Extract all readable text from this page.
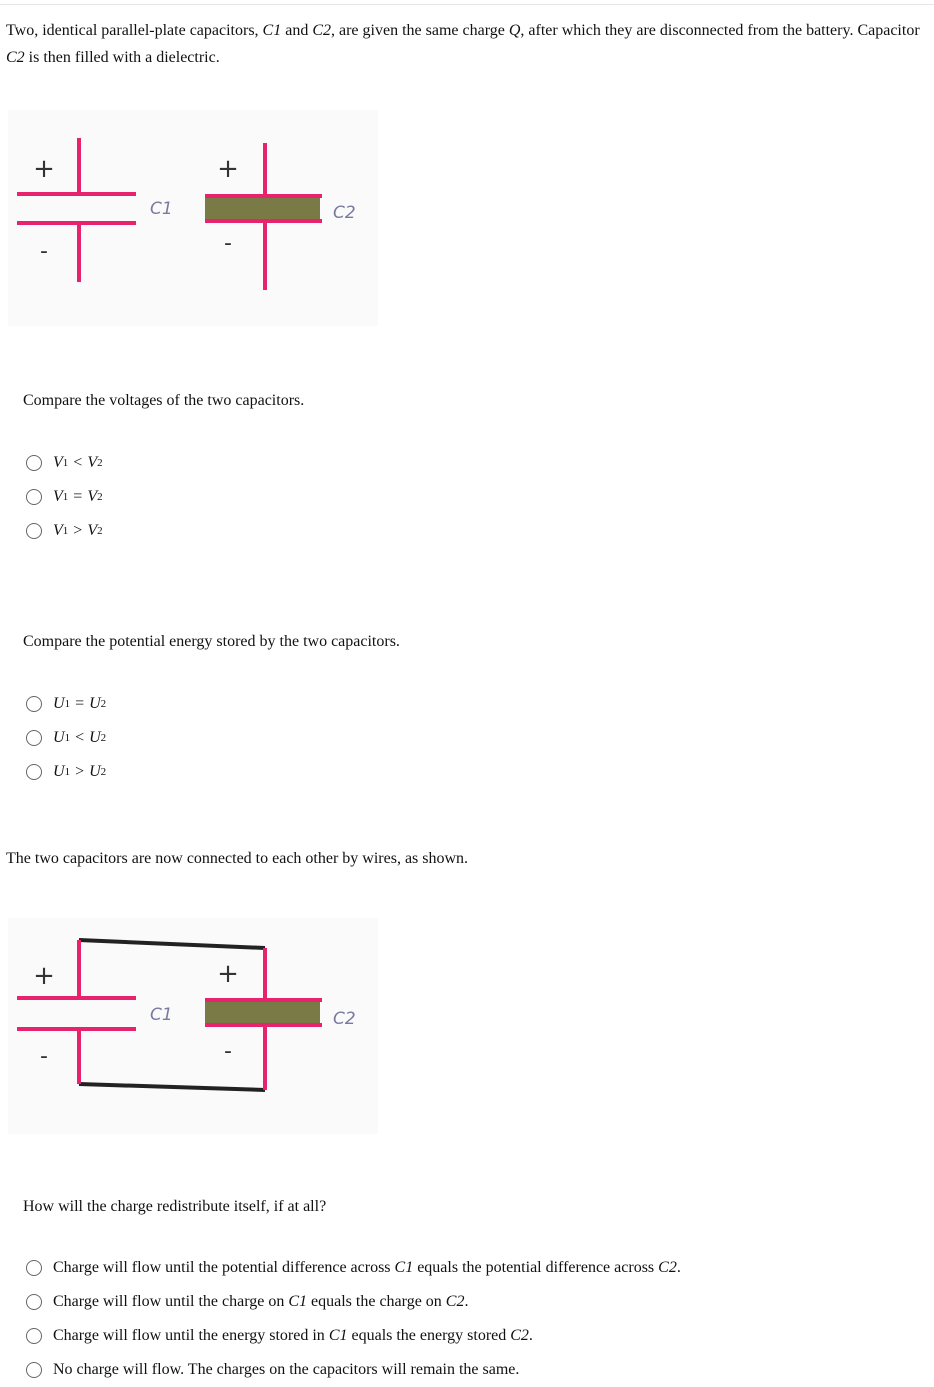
Two, identical parallel-plate capacitors, C1 and C2, are given the same charge Q, after which they are disconnected from the battery. Capacitor C2 is then filled with a dielectric.
+
-
+
-
C1	C2
Compare the voltages of the two capacitors.
V 1 < V 2
V 1 = V 2
V 1 > V 2
Compare the potential energy stored by the two capacitors.
U 1 = U 2
U 1 < U 2
U 1 > U 2
The two capacitors are now connected to each other by wires, as shown.
+
-
+
-
C1	C2
How will the charge redistribute itself, if at all?
Charge will flow until the potential difference across C1 equals the potential difference across C2.
Charge will flow until the charge on C1 equals the charge on C2.
Charge will flow until the energy stored in C1 equals the energy stored C2.
No charge will flow. The charges on the capacitors will remain the same.
